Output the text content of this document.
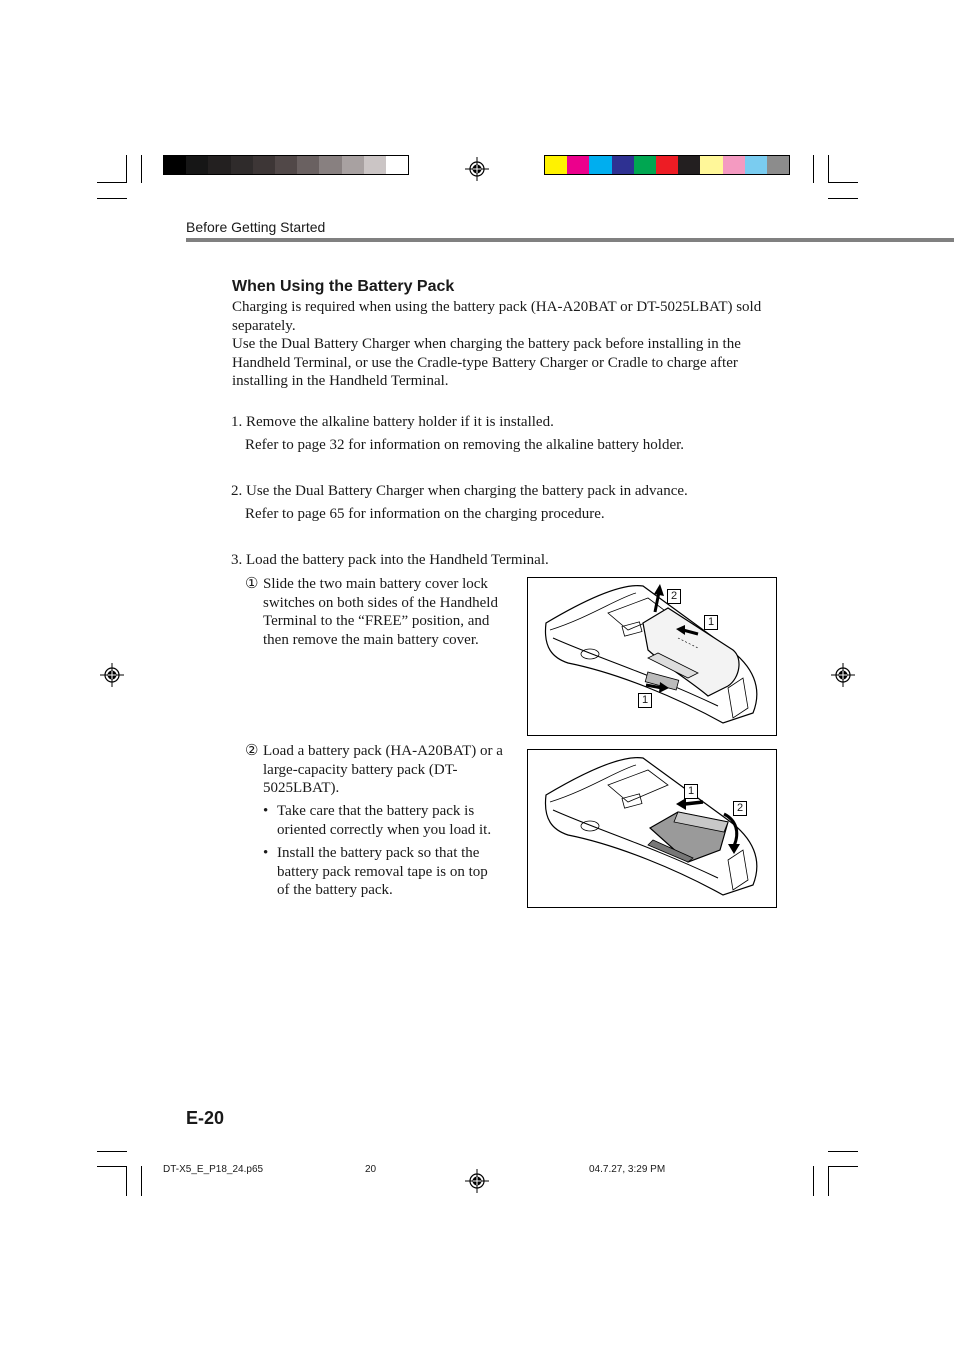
Before Getting Started
When Using the Battery Pack

Charging is required when using the battery pack (HA-A20BAT or DT-5025LBAT) sold separately.

Use the Dual Battery Charger when charging the battery pack before installing in the Handheld Terminal, or use the Cradle-type Battery Charger or Cradle to charge after installing in the Handheld Terminal.

1. Remove the alkaline battery holder if it is installed.
Refer to page 32 for information on removing the alkaline battery holder.
2. Use the Dual Battery Charger when charging the battery pack in advance.
Refer to page 65 for information on the charging procedure.
3. Load the battery pack into the Handheld Terminal.
① Slide the two main battery cover lock switches on both sides of the Handheld Terminal to the “FREE” position, and then remove the main battery cover.
② Load a battery pack (HA-A20BAT) or a large-capacity battery pack (DT-5025LBAT).
• Take care that the battery pack is oriented correctly when you load it.
• Install the battery pack so that the battery pack removal tape is on top of the battery pack.
2
1
1
1
2
E-20
DT-X5_E_P18_24.p65	20	04.7.27, 3:29 PM
